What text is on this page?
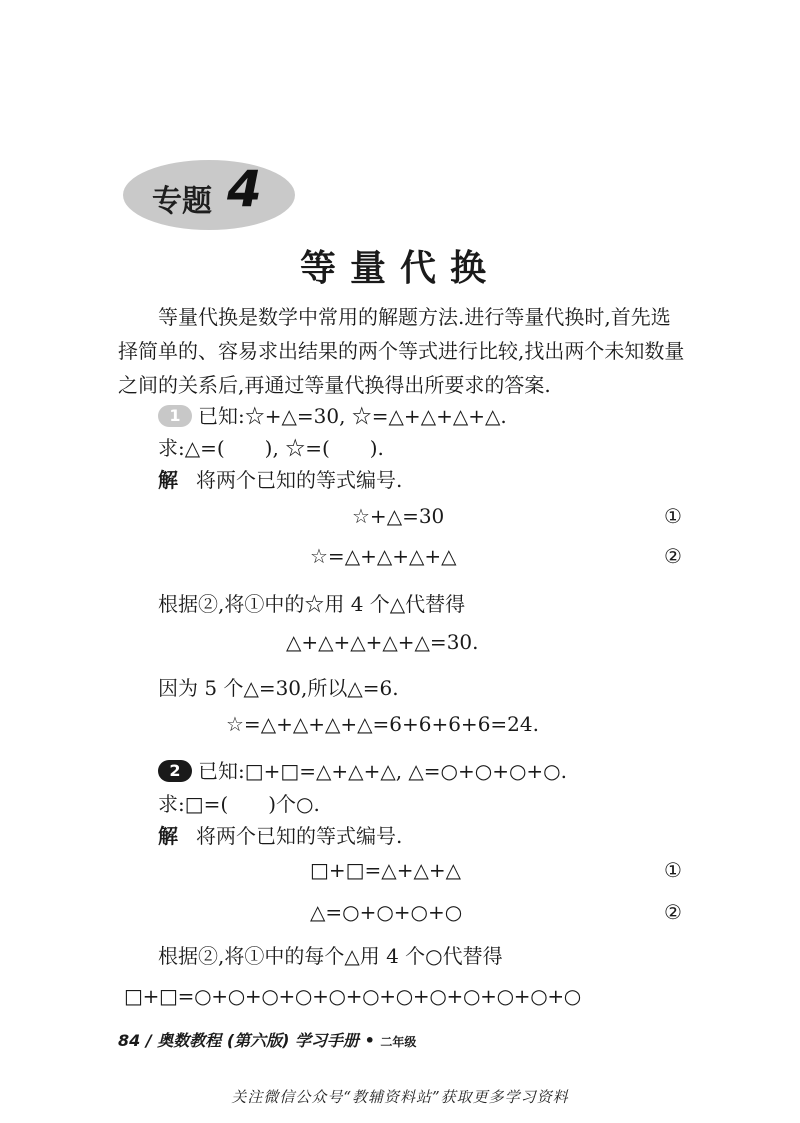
专题 4
等量代换
等量代换是数学中常用的解题方法.进行等量代换时,首先选择简单的、容易求出结果的两个等式进行比较,找出两个未知数量之间的关系后,再通过等量代换得出所要求的答案.
1 已知:☆+△=30, ☆=△+△+△+△.
求:△=(　　), ☆=(　　).
解 将两个已知的等式编号.
☆+△=30	①
☆=△+△+△+△	②
根据②,将①中的☆用 4 个△代替得
△+△+△+△+△=30.
因为 5 个△=30,所以△=6.
☆=△+△+△+△=6+6+6+6=24.
2 已知:□+□=△+△+△, △=○+○+○+○.
求:□=(　　)个○.
解 将两个已知的等式编号.
□+□=△+△+△	①
△=○+○+○+○	②
根据②,将①中的每个△用 4 个○代替得
□+□=○+○+○+○+○+○+○+○+○+○+○+○
84 / 奥数教程 (第六版) 学习手册 • 二年级
关注微信公众号“教辅资料站”获取更多学习资料
